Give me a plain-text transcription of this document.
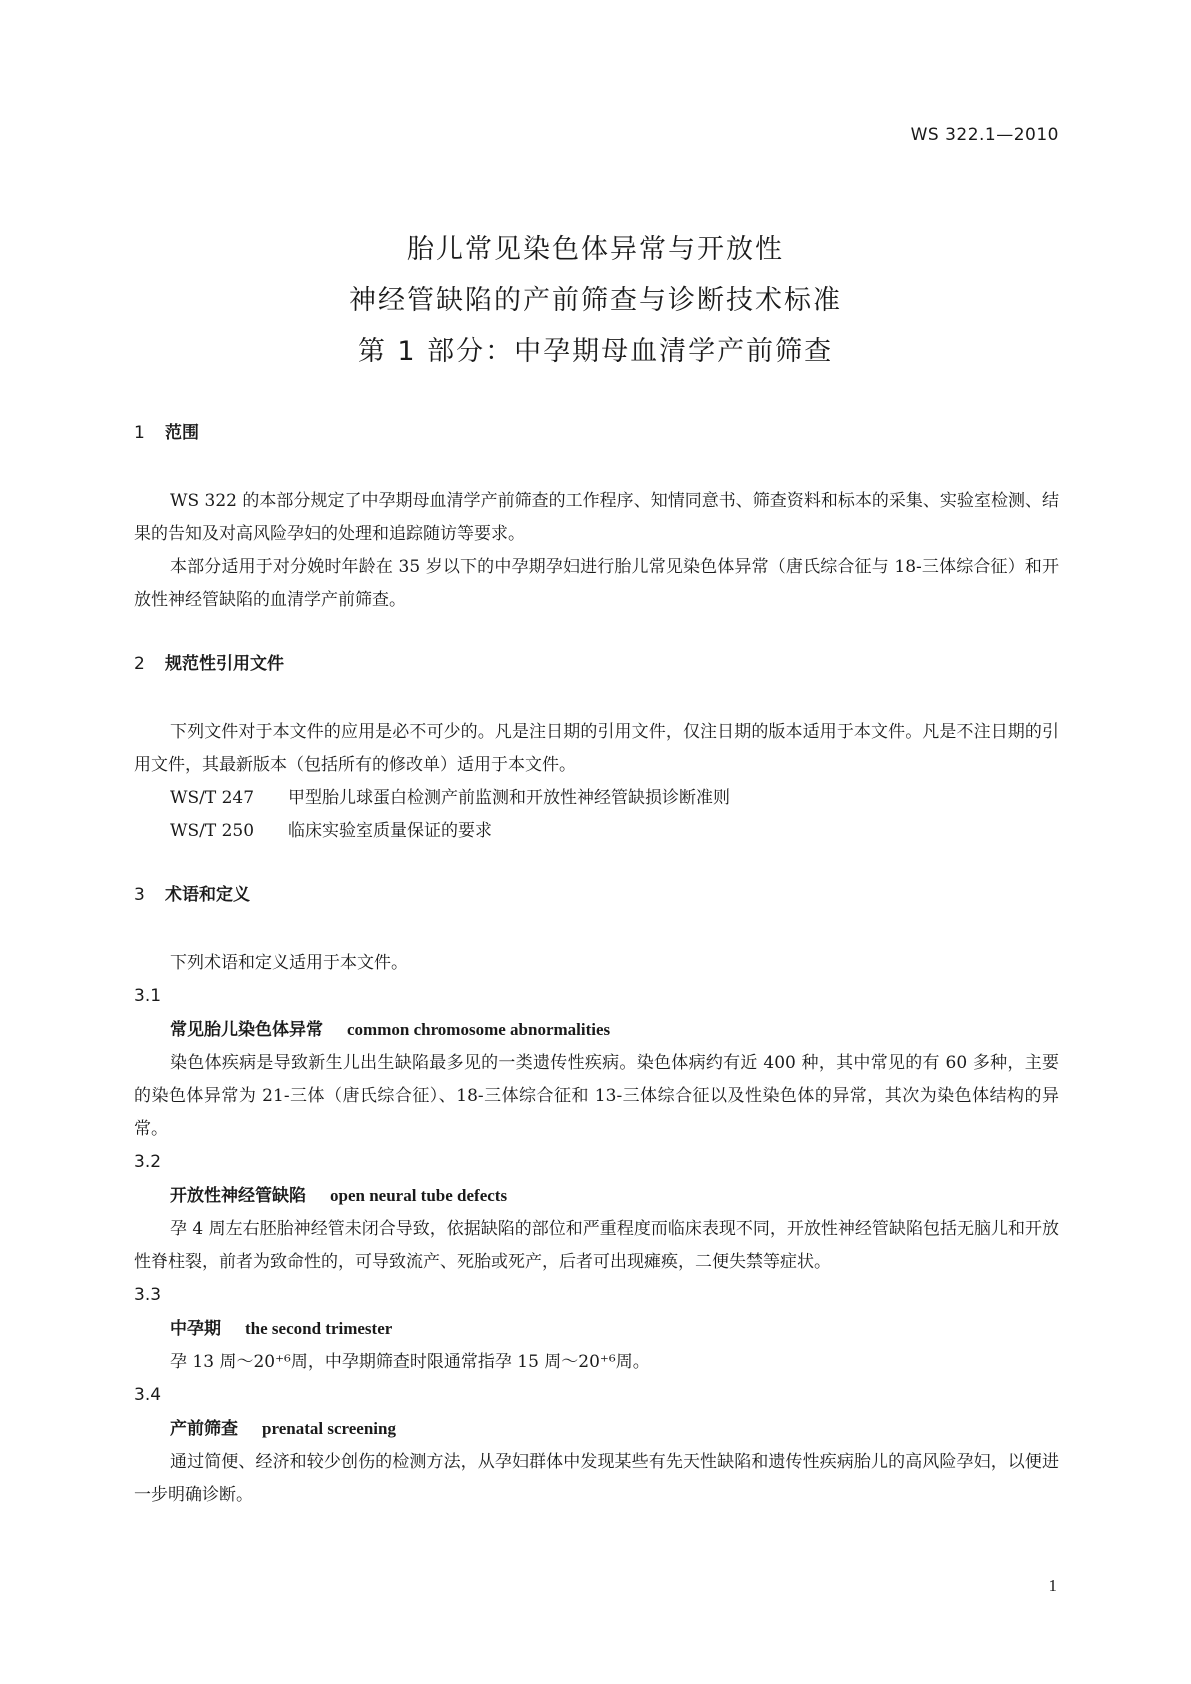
WS 322.1—2010

胎儿常见染色体异常与开放性
神经管缺陷的产前筛查与诊断技术标准
第 1 部分：中孕期母血清学产前筛查
1 范围

WS 322 的本部分规定了中孕期母血清学产前筛查的工作程序、知情同意书、筛查资料和标本的采集、实验室检测、结果的告知及对高风险孕妇的处理和追踪随访等要求。

本部分适用于对分娩时年龄在 35 岁以下的中孕期孕妇进行胎儿常见染色体异常（唐氏综合征与 18-三体综合征）和开放性神经管缺陷的血清学产前筛查。

2 规范性引用文件

下列文件对于本文件的应用是必不可少的。凡是注日期的引用文件，仅注日期的版本适用于本文件。凡是不注日期的引用文件，其最新版本（包括所有的修改单）适用于本文件。

WS/T 247 甲型胎儿球蛋白检测产前监测和开放性神经管缺损诊断准则

WS/T 250 临床实验室质量保证的要求

3 术语和定义

下列术语和定义适用于本文件。

3.1

常见胎儿染色体异常 common chromosome abnormalities

染色体疾病是导致新生儿出生缺陷最多见的一类遗传性疾病。染色体病约有近 400 种，其中常见的有 60 多种，主要的染色体异常为 21-三体（唐氏综合征）、18-三体综合征和 13-三体综合征以及性染色体的异常，其次为染色体结构的异常。

3.2

开放性神经管缺陷 open neural tube defects

孕 4 周左右胚胎神经管未闭合导致，依据缺陷的部位和严重程度而临床表现不同，开放性神经管缺陷包括无脑儿和开放性脊柱裂，前者为致命性的，可导致流产、死胎或死产，后者可出现瘫痪，二便失禁等症状。

3.3

中孕期 the second trimester

孕 13 周～20⁺⁶周，中孕期筛查时限通常指孕 15 周～20⁺⁶周。

3.4

产前筛查 prenatal screening

通过简便、经济和较少创伤的检测方法，从孕妇群体中发现某些有先天性缺陷和遗传性疾病胎儿的高风险孕妇，以便进一步明确诊断。

1
